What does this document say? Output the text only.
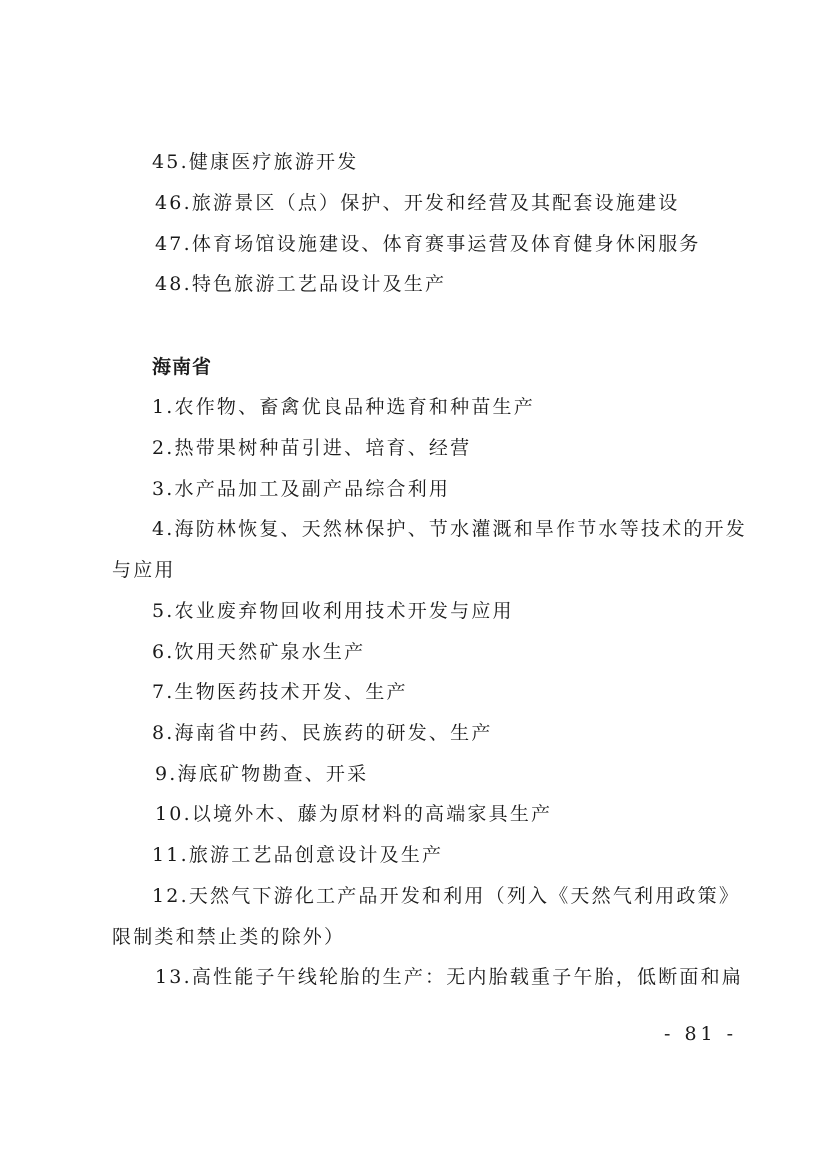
45.健康医疗旅游开发
46.旅游景区（点）保护、开发和经营及其配套设施建设
47.体育场馆设施建设、体育赛事运营及体育健身休闲服务
48.特色旅游工艺品设计及生产
海南省
1.农作物、畜禽优良品种选育和种苗生产
2.热带果树种苗引进、培育、经营
3.水产品加工及副产品综合利用
4.海防林恢复、天然林保护、节水灌溉和旱作节水等技术的开发
与应用
5.农业废弃物回收利用技术开发与应用
6.饮用天然矿泉水生产
7.生物医药技术开发、生产
8.海南省中药、民族药的研发、生产
9.海底矿物勘查、开采
10.以境外木、藤为原材料的高端家具生产
11.旅游工艺品创意设计及生产
12.天然气下游化工产品开发和利用（列入《天然气利用政策》
限制类和禁止类的除外）
13.高性能子午线轮胎的生产：无内胎载重子午胎，低断面和扁
- 81 -
